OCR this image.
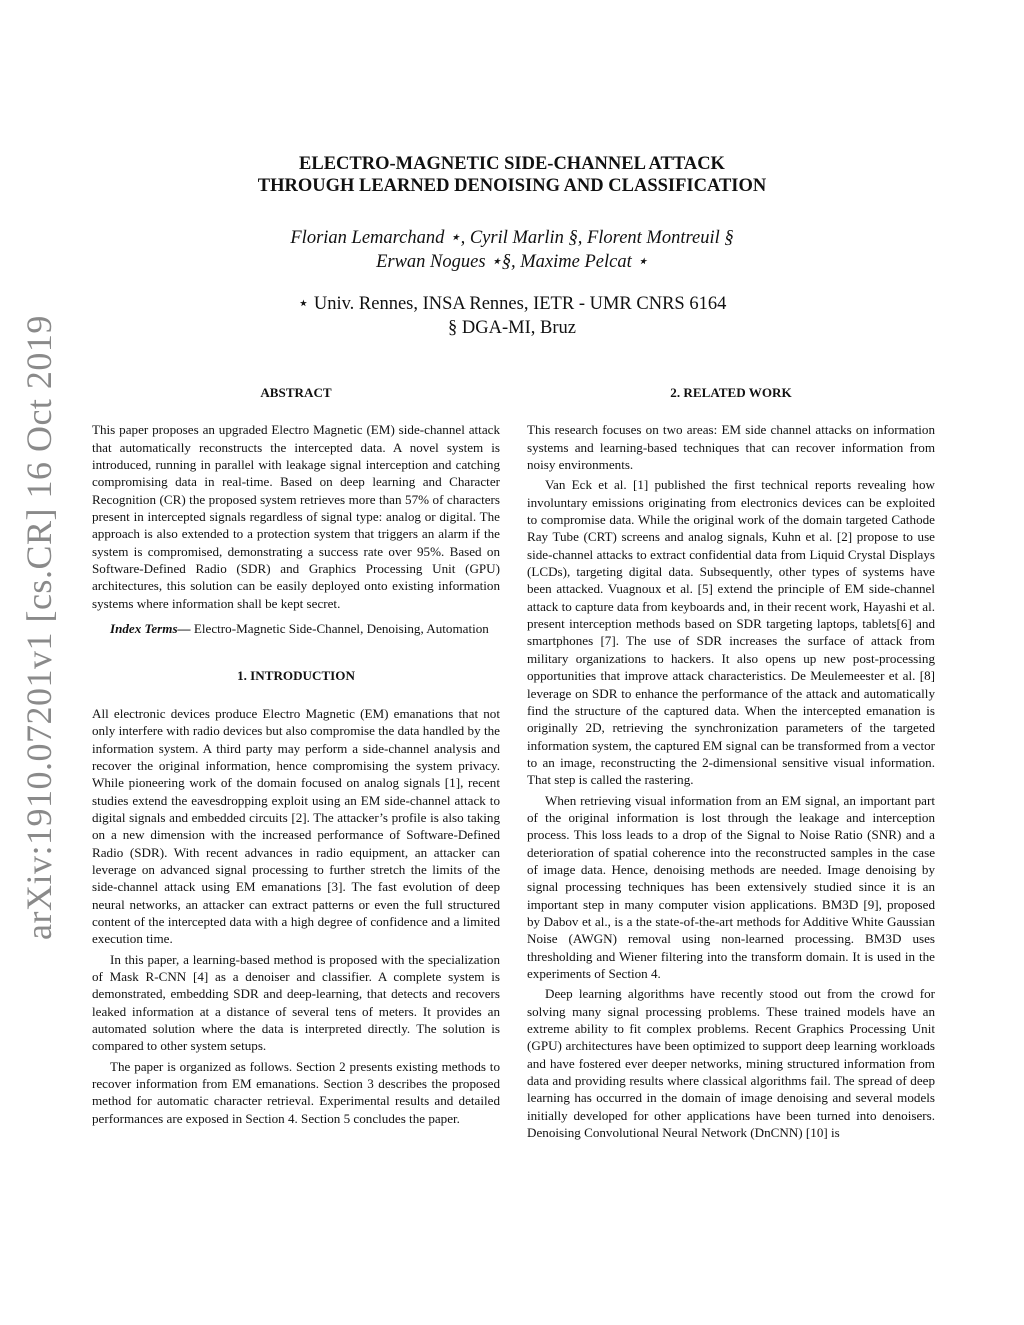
arXiv:1910.07201v1 [cs.CR] 16 Oct 2019
ELECTRO-MAGNETIC SIDE-CHANNEL ATTACK
THROUGH LEARNED DENOISING AND CLASSIFICATION
Florian Lemarchand ⋆, Cyril Marlin §, Florent Montreuil §
Erwan Nogues ⋆§, Maxime Pelcat ⋆
⋆ Univ. Rennes, INSA Rennes, IETR - UMR CNRS 6164
§ DGA-MI, Bruz
ABSTRACT

This paper proposes an upgraded Electro Magnetic (EM) side-channel attack that automatically reconstructs the intercepted data. A novel system is introduced, running in parallel with leakage signal interception and catching compromising data in real-time. Based on deep learning and Character Recognition (CR) the proposed system retrieves more than 57% of characters present in intercepted signals regardless of signal type: analog or digital. The approach is also extended to a protection system that triggers an alarm if the system is compromised, demonstrating a success rate over 95%. Based on Software-Defined Radio (SDR) and Graphics Processing Unit (GPU) architectures, this solution can be easily deployed onto existing information systems where information shall be kept secret.

Index Terms— Electro-Magnetic Side-Channel, Denoising, Automation

1. INTRODUCTION

All electronic devices produce Electro Magnetic (EM) emanations that not only interfere with radio devices but also compromise the data handled by the information system. A third party may perform a side-channel analysis and recover the original information, hence compromising the system privacy. While pioneering work of the domain focused on analog signals [1], recent studies extend the eavesdropping exploit using an EM side-channel attack to digital signals and embedded circuits [2]. The attacker’s profile is also taking on a new dimension with the increased performance of Software-Defined Radio (SDR). With recent advances in radio equipment, an attacker can leverage on advanced signal processing to further stretch the limits of the side-channel attack using EM emanations [3]. The fast evolution of deep neural networks, an attacker can extract patterns or even the full structured content of the intercepted data with a high degree of confidence and a limited execution time.

In this paper, a learning-based method is proposed with the specialization of Mask R-CNN [4] as a denoiser and classifier. A complete system is demonstrated, embedding SDR and deep-learning, that detects and recovers leaked information at a distance of several tens of meters. It provides an automated solution where the data is interpreted directly. The solution is compared to other system setups.

The paper is organized as follows. Section 2 presents existing methods to recover information from EM emanations. Section 3 describes the proposed method for automatic character retrieval. Experimental results and detailed performances are exposed in Section 4. Section 5 concludes the paper.

2. RELATED WORK

This research focuses on two areas: EM side channel attacks on information systems and learning-based techniques that can recover information from noisy environments.

Van Eck et al. [1] published the first technical reports revealing how involuntary emissions originating from electronics devices can be exploited to compromise data. While the original work of the domain targeted Cathode Ray Tube (CRT) screens and analog signals, Kuhn et al. [2] propose to use side-channel attacks to extract confidential data from Liquid Crystal Displays (LCDs), targeting digital data. Subsequently, other types of systems have been attacked. Vuagnoux et al. [5] extend the principle of EM side-channel attack to capture data from keyboards and, in their recent work, Hayashi et al. present interception methods based on SDR targeting laptops, tablets[6] and smartphones [7]. The use of SDR increases the surface of attack from military organizations to hackers. It also opens up new post-processing opportunities that improve attack characteristics. De Meulemeester et al. [8] leverage on SDR to enhance the performance of the attack and automatically find the structure of the captured data. When the intercepted emanation is originally 2D, retrieving the synchronization parameters of the targeted information system, the captured EM signal can be transformed from a vector to an image, reconstructing the 2-dimensional sensitive visual information. That step is called the rastering.

When retrieving visual information from an EM signal, an important part of the original information is lost through the leakage and interception process. This loss leads to a drop of the Signal to Noise Ratio (SNR) and a deterioration of spatial coherence into the reconstructed samples in the case of image data. Hence, denoising methods are needed. Image denoising by signal processing techniques has been extensively studied since it is an important step in many computer vision applications. BM3D [9], proposed by Dabov et al., is a the state-of-the-art methods for Additive White Gaussian Noise (AWGN) removal using non-learned processing. BM3D uses thresholding and Wiener filtering into the transform domain. It is used in the experiments of Section 4.

Deep learning algorithms have recently stood out from the crowd for solving many signal processing problems. These trained models have an extreme ability to fit complex problems. Recent Graphics Processing Unit (GPU) architectures have been optimized to support deep learning workloads and have fostered ever deeper networks, mining structured information from data and providing results where classical algorithms fail. The spread of deep learning has occurred in the domain of image denoising and several models initially developed for other applications have been turned into denoisers. Denoising Convolutional Neural Network (DnCNN) [10] is
